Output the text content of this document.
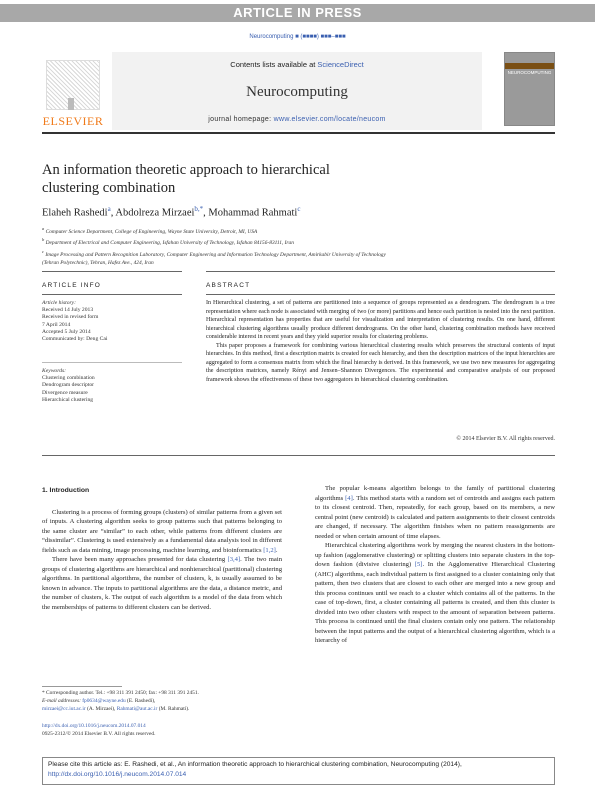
ARTICLE IN PRESS
Neurocomputing ■ (■■■■) ■■■–■■■
ELSEVIER
Contents lists available at ScienceDirect
Neurocomputing
journal homepage: www.elsevier.com/locate/neucom
NEUROCOMPUTING
An information theoretic approach to hierarchical
clustering combination
Elaheh Rashedi$^a$, Abdolreza Mirzaei$^{b,*}$, Mohammad Rahmati$^c$
$^a$ Computer Science Department, College of Engineering, Wayne State University, Detroit, MI, USA
$^b$ Department of Electrical and Computer Engineering, Isfahan University of Technology, Isfahan 84156-83111, Iran
$^c$ Image Processing and Pattern Recognition Laboratory, Computer Engineering and Information Technology Department, Amirkabir University of Technology
(Tehran Polytechnic), Tehran, Hafez Ave., 424, Iran
ARTICLE INFO	ABSTRACT
Article history:
Received 14 July 2013
Received in revised form
7 April 2014
Accepted 5 July 2014
Communicated by: Deng Cai
Keywords:
Clustering combination
Dendrogram descriptor
Divergence measure
Hierarchical clustering

In Hierarchical clustering, a set of patterns are partitioned into a sequence of groups represented as a dendrogram. The dendrogram is a tree representation where each node is associated with merging of two (or more) partitions and hence each partition is nested into the next partition. Hierarchical representation has properties that are useful for visualization and interpretation of clustering results. On one hand, different hierarchical clustering algorithms usually produce different dendrograms. On the other hand, clustering combination methods have received considerable interest in recent years and they yield superior results for clustering problems.

This paper proposes a framework for combining various hierarchical clustering results which preserves the structural contents of input hierarchies. In this method, first a description matrix is created for each hierarchy, and then the description matrices of the input hierarchies are aggregated to form a consensus matrix from which the final hierarchy is derived. In this framework, we use two new measures for aggregating the description matrices, namely Rényi and Jensen–Shannon Divergences. The experimental and comparative analysis of our proposed framework shows the effectiveness of these two aggregators in hierarchical clustering combination.

© 2014 Elsevier B.V. All rights reserved.
1. Introduction

Clustering is a process of forming groups (clusters) of similar patterns from a given set of inputs. A clustering algorithm seeks to group patterns such that patterns belonging to the same cluster are “similar” to each other, while patterns from different clusters are “dissimilar”. Clustering is used extensively as a fundamental data analysis tool in different fields such as data mining, image processing, machine learning, and bioinformatics [1,2].

There have been many approaches presented for data clustering [3,4]. The two main groups of clustering algorithms are hierarchical and nonhierarchical (partitional) clustering algorithms. In partitional algorithms, the number of clusters, k, is usually assumed to be known in advance. The inputs to partitional algorithms are the data, a distance metric, and the number of clusters, k. The output of each algorithm is a model of the data from which the memberships of patterns to different clusters can be derived.

The popular k-means algorithm belongs to the family of partitional clustering algorithms [4]. This method starts with a random set of centroids and assigns each pattern to its closest centroid. Then, repeatedly, for each group, based on its members, a new central point (new centroid) is calculated and pattern assignments to their closest centroids are changed, if necessary. The algorithm finishes when no pattern reassignments are needed or when certain amount of time elapses.

Hierarchical clustering algorithms work by merging the nearest clusters in the bottom-up fashion (agglomerative clustering) or splitting clusters into separate clusters in the top-down fashion (divisive clustering) [5]. In the Agglomerative Hierarchical Clustering (AHC) algorithms, each individual pattern is first assigned to a cluster containing only that pattern, then two clusters that are closest to each other are merged into a new group and this process continues until we reach to a cluster which contains all of the patterns. In the case of top-down, first, a cluster containing all patterns is created, and then this cluster is divided into two other clusters with respect to the amount of separation between patterns. This process is continued until the final clusters contain only one pattern. The relationship between the input patterns and the output of a hierarchical clustering algorithm, which is a hierarchy of

* Corresponding author. Tel.: +98 311 391 2450; fax: +98 311 391 2451.
E-mail addresses: fp0634@wayne.edu (E. Rashedi),
mirzaei@cc.iut.ac.ir (A. Mirzaei), Rahmati@aut.ac.ir (M. Rahmati).
http://dx.doi.org/10.1016/j.neucom.2014.07.014
0925-2312/© 2014 Elsevier B.V. All rights reserved.
Please cite this article as: E. Rashedi, et al., An information theoretic approach to hierarchical clustering combination, Neurocomputing (2014), http://dx.doi.org/10.1016/j.neucom.2014.07.014
